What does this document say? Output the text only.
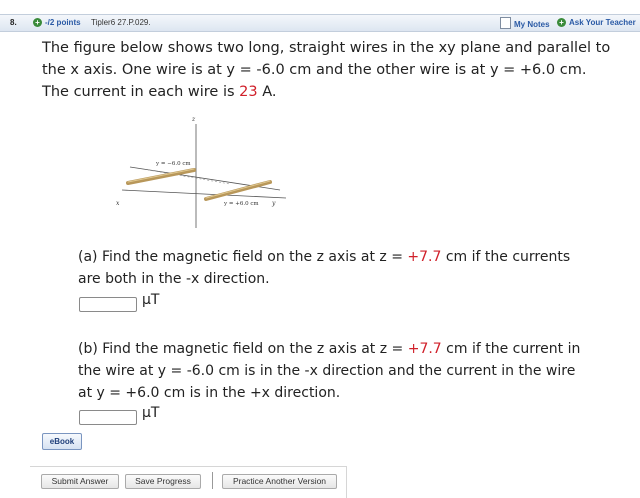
8. + -/2 points Tipler6 27.P.029.	My Notes + Ask Your Teacher
The figure below shows two long, straight wires in the xy plane and parallel to
the x axis. One wire is at y = -6.0 cm and the other wire is at y = +6.0 cm.
The current in each wire is 23 A.
z
x	y
y = −6.0 cm
y = +6.0 cm
(a) Find the magnetic field on the z axis at z = +7.7 cm if the currents
are both in the -x direction.
µT
(b) Find the magnetic field on the z axis at z = +7.7 cm if the current in
the wire at y = -6.0 cm is in the -x direction and the current in the wire
at y = +6.0 cm is in the +x direction.
µT
eBook
Submit Answer	Save Progress	Practice Another Version
